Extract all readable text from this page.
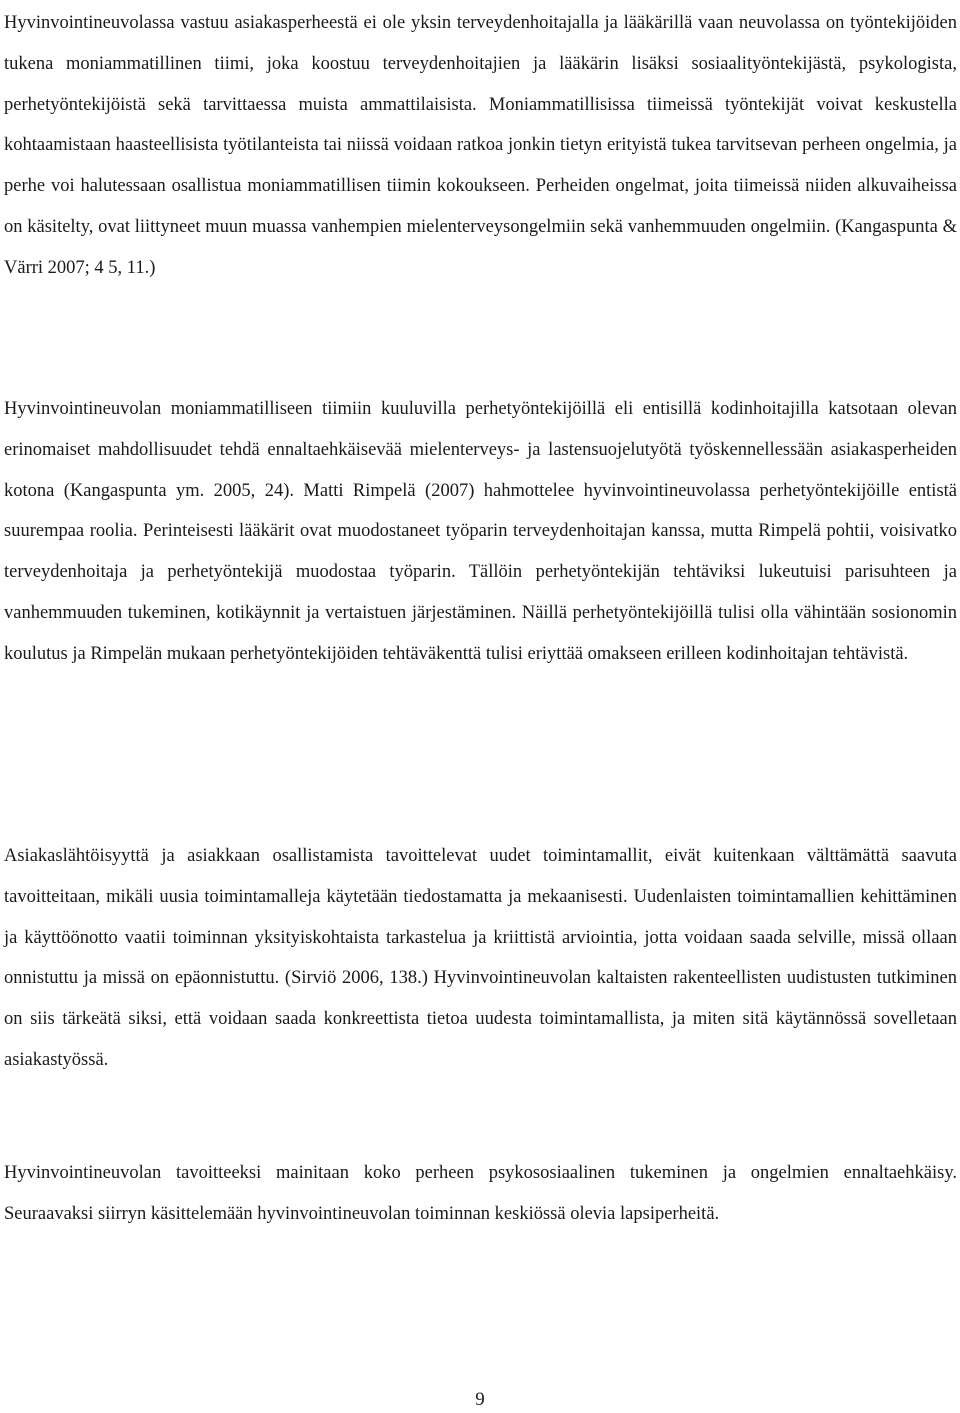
Hyvinvointineuvolassa vastuu asiakasperheestä ei ole yksin terveydenhoitajalla ja lääkärillä vaan neuvolassa on työntekijöiden tukena moniammatillinen tiimi, joka koostuu terveydenhoitajien ja lääkärin lisäksi sosiaalityöntekijästä, psykologista, perhetyöntekijöistä sekä tarvittaessa muista ammattilaisista. Moniammatillisissa tiimeissä työntekijät voivat keskustella kohtaamistaan haasteellisista työtilanteista tai niissä voidaan ratkoa jonkin tietyn erityistä tukea tarvitsevan perheen ongelmia, ja perhe voi halutessaan osallistua moniammatillisen tiimin kokoukseen. Perheiden ongelmat, joita tiimeissä niiden alkuvaiheissa on käsitelty, ovat liittyneet muun muassa vanhempien mielenterveysongelmiin sekä vanhemmuuden ongelmiin. (Kangaspunta & Värri 2007; 4 5, 11.)

Hyvinvointineuvolan moniammatilliseen tiimiin kuuluvilla perhetyöntekijöillä eli entisillä kodinhoitajilla katsotaan olevan erinomaiset mahdollisuudet tehdä ennaltaehkäisevää mielenterveys- ja lastensuojelutyötä työskennellessään asiakasperheiden kotona (Kangaspunta ym. 2005, 24). Matti Rimpelä (2007) hahmottelee hyvinvointineuvolassa perhetyöntekijöille entistä suurempaa roolia. Perinteisesti lääkärit ovat muodostaneet työparin terveydenhoitajan kanssa, mutta Rimpelä pohtii, voisivatko terveydenhoitaja ja perhetyöntekijä muodostaa työparin. Tällöin perhetyöntekijän tehtäviksi lukeutuisi parisuhteen ja vanhemmuuden tukeminen, kotikäynnit ja vertaistuen järjestäminen. Näillä perhetyöntekijöillä tulisi olla vähintään sosionomin koulutus ja Rimpelän mukaan perhetyöntekijöiden tehtäväkenttä tulisi eriyttää omakseen erilleen kodinhoitajan tehtävistä.

Asiakaslähtöisyyttä ja asiakkaan osallistamista tavoittelevat uudet toimintamallit, eivät kuitenkaan välttämättä saavuta tavoitteitaan, mikäli uusia toimintamalleja käytetään tiedostamatta ja mekaanisesti. Uudenlaisten toimintamallien kehittäminen ja käyttöönotto vaatii toiminnan yksityiskohtaista tarkastelua ja kriittistä arviointia, jotta voidaan saada selville, missä ollaan onnistuttu ja missä on epäonnistuttu. (Sirviö 2006, 138.) Hyvinvointineuvolan kaltaisten rakenteellisten uudistusten tutkiminen on siis tärkeätä siksi, että voidaan saada konkreettista tietoa uudesta toimintamallista, ja miten sitä käytännössä sovelletaan asiakastyössä.

Hyvinvointineuvolan tavoitteeksi mainitaan koko perheen psykososiaalinen tukeminen ja ongelmien ennaltaehkäisy. Seuraavaksi siirryn käsittelemään hyvinvointineuvolan toiminnan keskiössä olevia lapsiperheitä.

9
